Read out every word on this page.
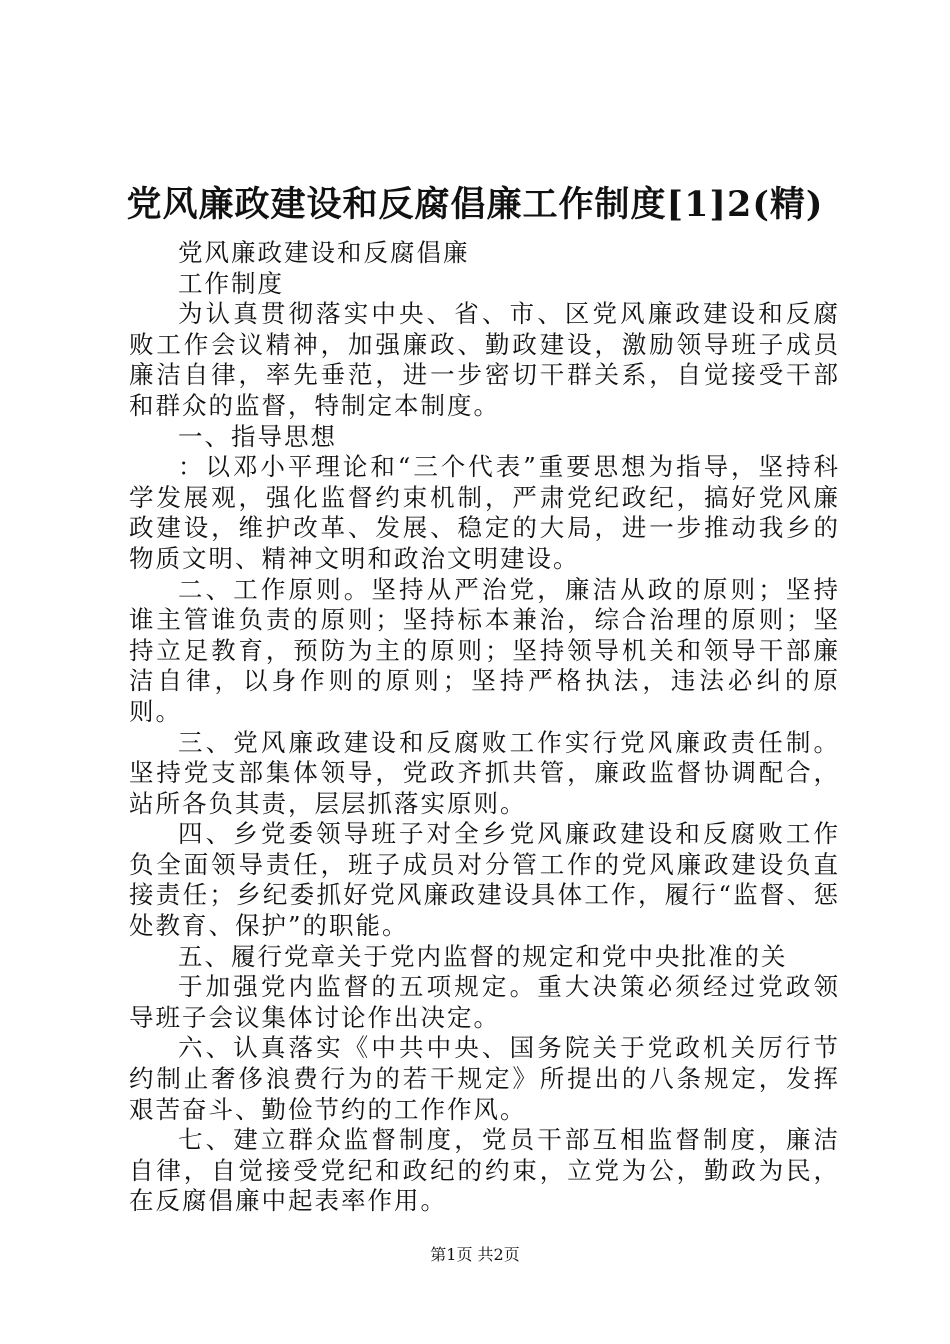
党风廉政建设和反腐倡廉工作制度[1]2(精)

党风廉政建设和反腐倡廉

工作制度

为认真贯彻落实中央、省、市、区党风廉政建设和反腐败工作会议精神，加强廉政、勤政建设，激励领导班子成员廉洁自律，率先垂范，进一步密切干群关系，自觉接受干部和群众的监督，特制定本制度。

一、指导思想

：以邓小平理论和“三个代表”重要思想为指导，坚持科学发展观，强化监督约束机制，严肃党纪政纪，搞好党风廉政建设，维护改革、发展、稳定的大局，进一步推动我乡的物质文明、精神文明和政治文明建设。

二、工作原则。坚持从严治党，廉洁从政的原则；坚持谁主管谁负责的原则；坚持标本兼治，综合治理的原则；坚持立足教育，预防为主的原则；坚持领导机关和领导干部廉洁自律，以身作则的原则；坚持严格执法，违法必纠的原则。

三、党风廉政建设和反腐败工作实行党风廉政责任制。坚持党支部集体领导，党政齐抓共管，廉政监督协调配合，站所各负其责，层层抓落实原则。

四、乡党委领导班子对全乡党风廉政建设和反腐败工作负全面领导责任，班子成员对分管工作的党风廉政建设负直接责任；乡纪委抓好党风廉政建设具体工作，履行“监督、惩处教育、保护”的职能。

五、履行党章关于党内监督的规定和党中央批准的关

于加强党内监督的五项规定。重大决策必须经过党政领导班子会议集体讨论作出决定。

六、认真落实《中共中央、国务院关于党政机关厉行节约制止奢侈浪费行为的若干规定》所提出的八条规定，发挥艰苦奋斗、勤俭节约的工作作风。

七、建立群众监督制度，党员干部互相监督制度，廉洁自律，自觉接受党纪和政纪的约束，立党为公，勤政为民，在反腐倡廉中起表率作用。

第1页 共2页
